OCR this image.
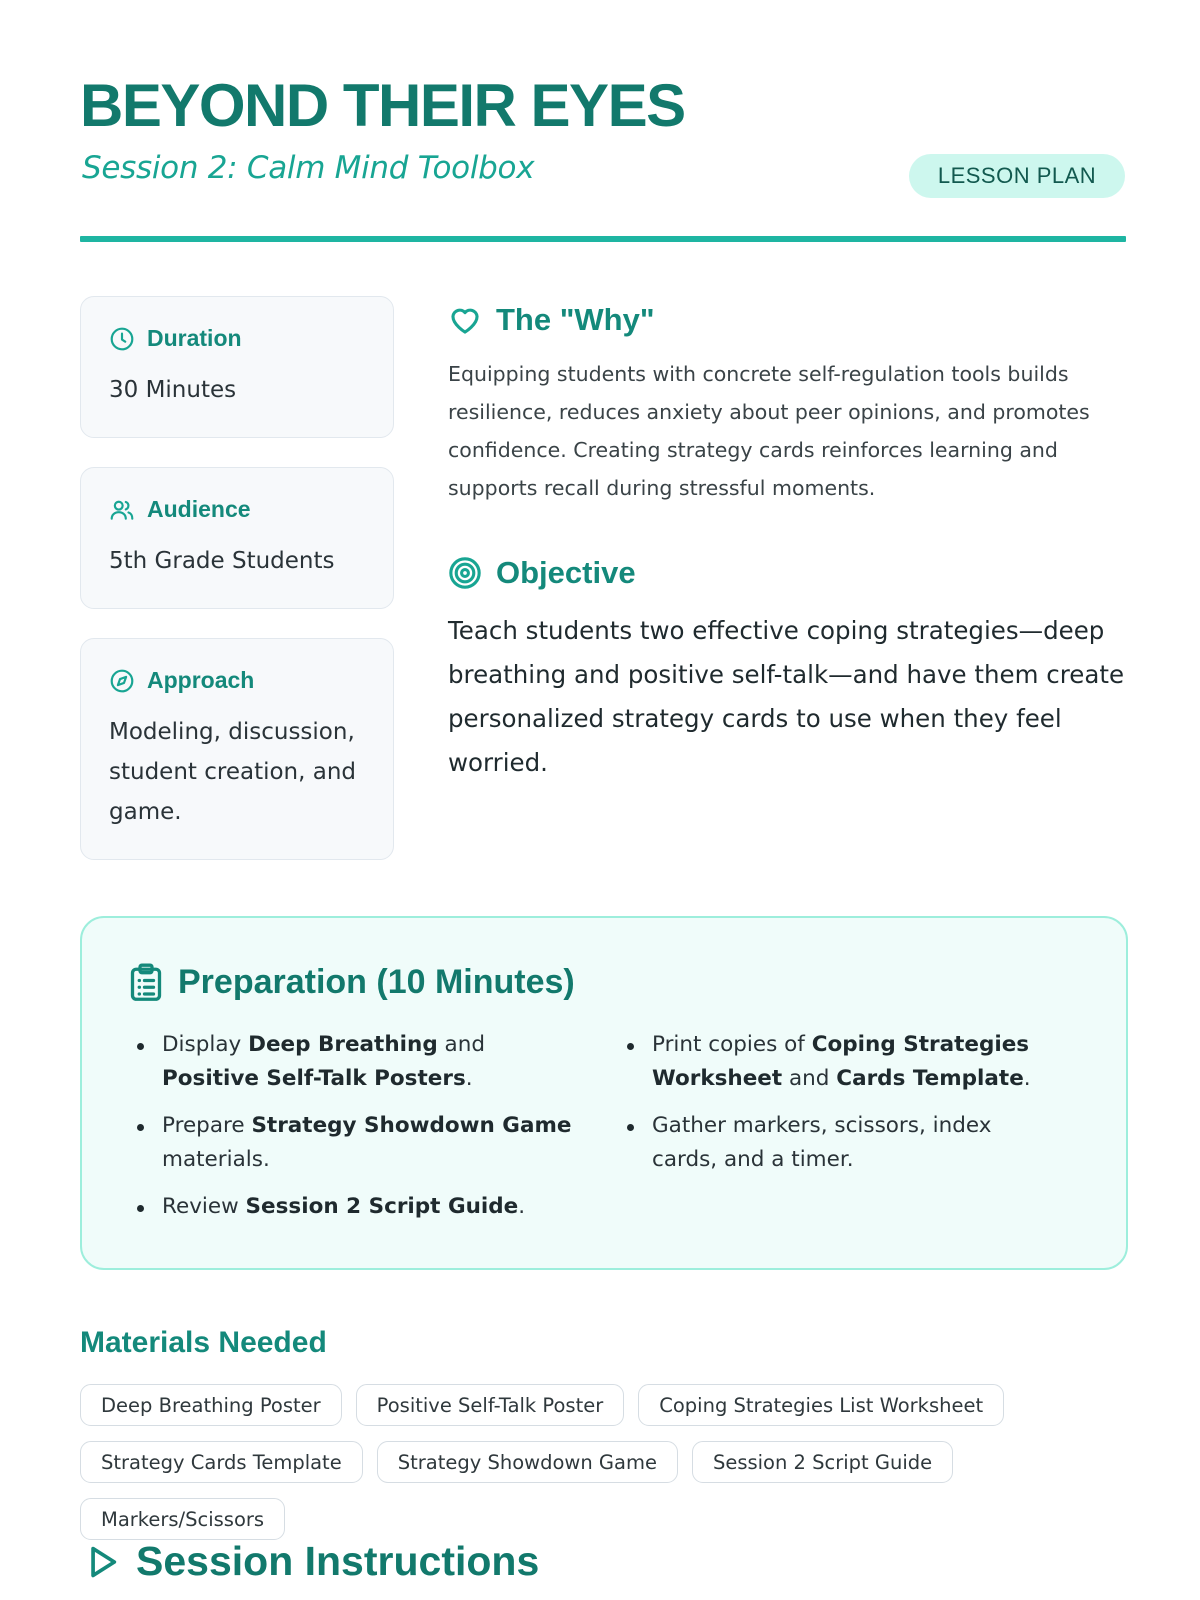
BEYOND THEIR EYES

Session 2: Calm Mind Toolbox	LESSON PLAN
Duration
30 Minutes
Audience
5th Grade Students
Approach
Modeling, discussion, student creation, and game.
The "Why"

Equipping students with concrete self-regulation tools builds resilience, reduces anxiety about peer opinions, and promotes confidence. Creating strategy cards reinforces learning and supports recall during stressful moments.

Objective

Teach students two effective coping strategies—deep breathing and positive self-talk—and have them create personalized strategy cards to use when they feel worried.

Preparation (10 Minutes)
Display Deep Breathing and Positive Self-Talk Posters.
Prepare Strategy Showdown Game materials.
Review Session 2 Script Guide.
Print copies of Coping Strategies Worksheet and Cards Template.
Gather markers, scissors, index cards, and a timer.
Materials Needed
Deep Breathing Poster	Positive Self-Talk Poster	Coping Strategies List Worksheet
Strategy Cards Template	Strategy Showdown Game	Session 2 Script Guide
Markers/Scissors
Session Instructions
